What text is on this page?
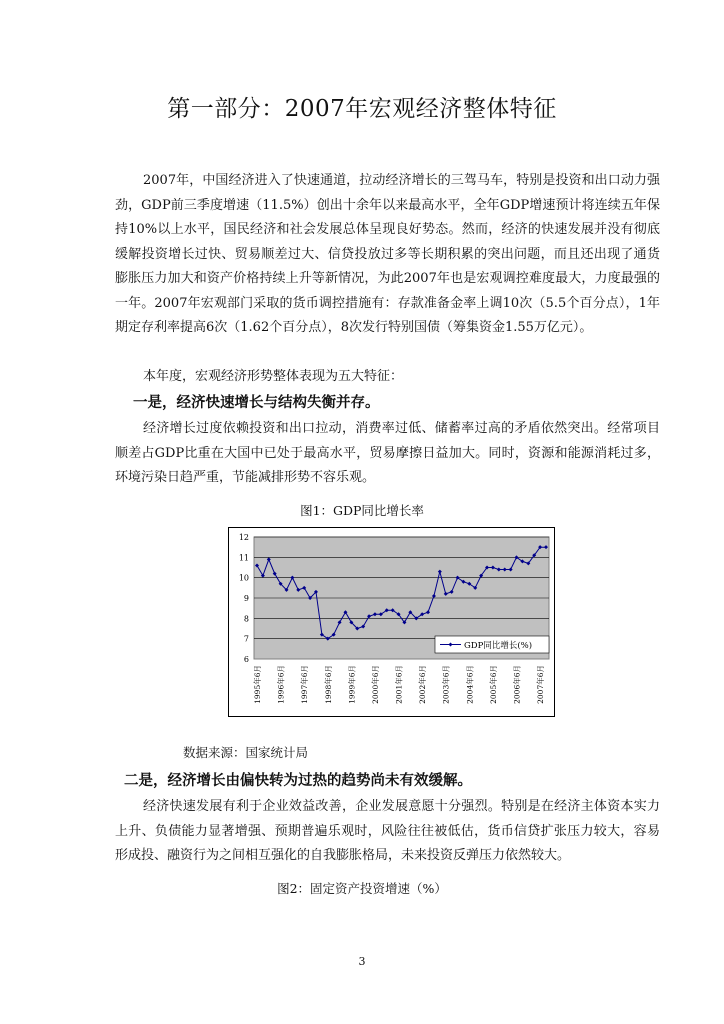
第一部分：2007年宏观经济整体特征

2007年，中国经济进入了快速通道，拉动经济增长的三驾马车，特别是投资和出口动力强劲，GDP前三季度增速（11.5%）创出十余年以来最高水平，全年GDP增速预计将连续五年保持10%以上水平，国民经济和社会发展总体呈现良好势态。然而，经济的快速发展并没有彻底缓解投资增长过快、贸易顺差过大、信贷投放过多等长期积累的突出问题，而且还出现了通货膨胀压力加大和资产价格持续上升等新情况，为此2007年也是宏观调控难度最大，力度最强的一年。2007年宏观部门采取的货币调控措施有：存款准备金率上调10次（5.5个百分点），1年期定存利率提高6次（1.62个百分点），8次发行特别国债（筹集资金1.55万亿元）。

本年度，宏观经济形势整体表现为五大特征：

一是，经济快速增长与结构失衡并存。

经济增长过度依赖投资和出口拉动，消费率过低、储蓄率过高的矛盾依然突出。经常项目顺差占GDP比重在大国中已处于最高水平，贸易摩擦日益加大。同时，资源和能源消耗过多，环境污染日趋严重，节能减排形势不容乐观。

图1：GDP同比增长率
6
7
8
9
10
11
12
1995年6月 1996年6月 1997年6月 1998年6月 1999年6月 2000年6月 2001年6月 2002年6月 2003年6月 2004年6月 2005年6月 2006年6月 2007年6月
GDP同比增长(%)
数据来源：国家统计局

二是，经济增长由偏快转为过热的趋势尚未有效缓解。

经济快速发展有利于企业效益改善，企业发展意愿十分强烈。特别是在经济主体资本实力上升、负债能力显著增强、预期普遍乐观时，风险往往被低估，货币信贷扩张压力较大，容易形成投、融资行为之间相互强化的自我膨胀格局，未来投资反弹压力依然较大。

图2：固定资产投资增速（%）
3
